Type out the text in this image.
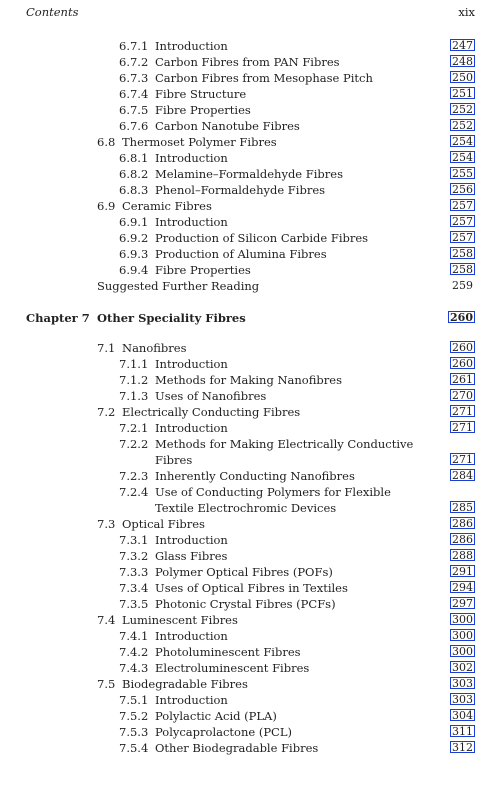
Contents	xix
6.7.1 Introduction	247
6.7.2 Carbon Fibres from PAN Fibres	248
6.7.3 Carbon Fibres from Mesophase Pitch	250
6.7.4 Fibre Structure	251
6.7.5 Fibre Properties	252
6.7.6 Carbon Nanotube Fibres	252
6.8 Thermoset Polymer Fibres	254
6.8.1 Introduction	254
6.8.2 Melamine–Formaldehyde Fibres	255
6.8.3 Phenol–Formaldehyde Fibres	256
6.9 Ceramic Fibres	257
6.9.1 Introduction	257
6.9.2 Production of Silicon Carbide Fibres	257
6.9.3 Production of Alumina Fibres	258
6.9.4 Fibre Properties	258
Suggested Further Reading	259
Chapter 7 Other Speciality Fibres	260
7.1 Nanofibres	260
7.1.1 Introduction	260
7.1.2 Methods for Making Nanofibres	261
7.1.3 Uses of Nanofibres	270
7.2 Electrically Conducting Fibres	271
7.2.1 Introduction	271
7.2.2 Methods for Making Electrically Conductive
Fibres	271
7.2.3 Inherently Conducting Nanofibres	284
7.2.4 Use of Conducting Polymers for Flexible
Textile Electrochromic Devices	285
7.3 Optical Fibres	286
7.3.1 Introduction	286
7.3.2 Glass Fibres	288
7.3.3 Polymer Optical Fibres (POFs)	291
7.3.4 Uses of Optical Fibres in Textiles	294
7.3.5 Photonic Crystal Fibres (PCFs)	297
7.4 Luminescent Fibres	300
7.4.1 Introduction	300
7.4.2 Photoluminescent Fibres	300
7.4.3 Electroluminescent Fibres	302
7.5 Biodegradable Fibres	303
7.5.1 Introduction	303
7.5.2 Polylactic Acid (PLA)	304
7.5.3 Polycaprolactone (PCL)	311
7.5.4 Other Biodegradable Fibres	312
